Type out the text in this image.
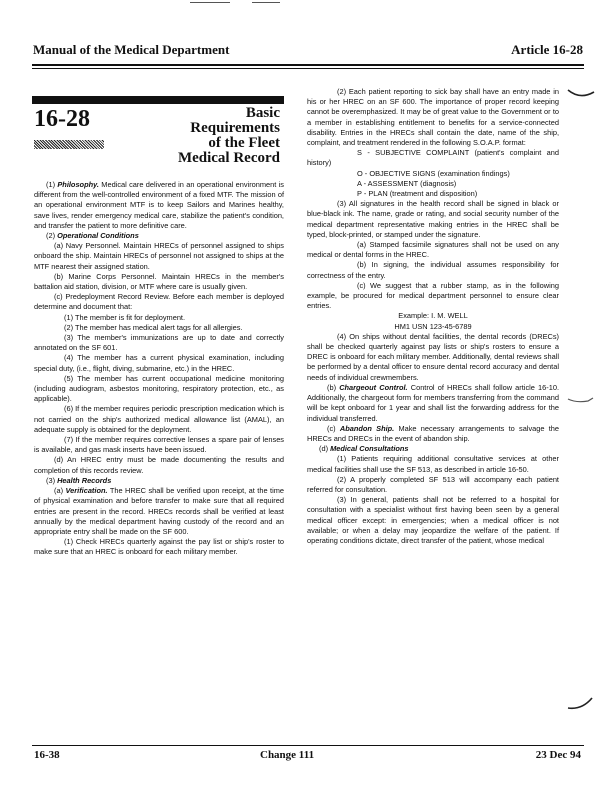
Manual of the Medical Department	Article 16-28
16-28	Basic
Requirements
of the Fleet
Medical Record

(1) Philosophy. Medical care delivered in an operational environment is different from the well-controlled environment of a fixed MTF. The mission of an operational environment MTF is to keep Sailors and Marines healthy, save lives, render emergency medical care, stabilize the patient's condition, and transfer the patient to more definitive care.

(2) Operational Conditions

(a) Navy Personnel. Maintain HRECs of personnel assigned to ships onboard the ship. Maintain HRECs of personnel not assigned to ships at the MTF nearest their assigned station.

(b) Marine Corps Personnel. Maintain HRECs in the member's battalion aid station, division, or MTF where care is usually given.

(c) Predeployment Record Review. Before each member is deployed determine and document that:

(1) The member is fit for deployment.

(2) The member has medical alert tags for all allergies.

(3) The member's immunizations are up to date and correctly annotated on the SF 601.

(4) The member has a current physical examination, including special duty, (i.e., flight, diving, submarine, etc.) in the HREC.

(5) The member has current occupational medicine monitoring (including audiogram, asbestos monitoring, respiratory protection, etc., as applicable).

(6) If the member requires periodic prescription medication which is not carried on the ship's authorized medical allowance list (AMAL), an adequate supply is obtained for the deployment.

(7) If the member requires corrective lenses a spare pair of lenses is available, and gas mask inserts have been issued.

(d) An HREC entry must be made documenting the results and completion of this records review.

(3) Health Records

(a) Verification. The HREC shall be verified upon receipt, at the time of physical examination and before transfer to make sure that all required entries are present in the record. HRECs records shall be verified at least annually by the medical department having custody of the record and an appropriate entry shall be made on the SF 600.

(1) Check HRECs quarterly against the pay list or ship's roster to make sure that an HREC is onboard for each military member.

(2) Each patient reporting to sick bay shall have an entry made in his or her HREC on an SF 600. The importance of proper record keeping cannot be overemphasized. It may be of great value to the Government or to a member in establishing entitlement to benefits for a service-connected disability. Entries in the HRECs shall contain the date, name of the ship, complaint, and treatment rendered in the following S.O.A.P. format:

S - SUBJECTIVE COMPLAINT (patient's complaint and history)

O - OBJECTIVE SIGNS (examination findings)

A - ASSESSMENT (diagnosis)

P - PLAN (treatment and disposition)

(3) All signatures in the health record shall be signed in black or blue-black ink. The name, grade or rating, and social security number of the medical department representative making entries in the HREC shall be typed, block-printed, or stamped under the signature.

(a) Stamped facsimile signatures shall not be used on any medical or dental forms in the HREC.

(b) In signing, the individual assumes responsibility for correctness of the entry.

(c) We suggest that a rubber stamp, as in the following example, be procured for medical department personnel to ensure clear entries.

Example: I. M. WELL

HM1 USN 123-45-6789

(4) On ships without dental facilities, the dental records (DRECs) shall be checked quarterly against pay lists or ship's rosters to ensure a DREC is onboard for each military member. Additionally, dental reviews shall be performed by a dental officer to ensure dental record accuracy and dental needs of individual crewmembers.

(b) Chargeout Control. Control of HRECs shall follow article 16-10. Additionally, the chargeout form for members transferring from the command will be kept onboard for 1 year and shall list the forwarding address for the individual transferred.

(c) Abandon Ship. Make necessary arrangements to salvage the HRECs and DRECs in the event of abandon ship.

(d) Medical Consultations

(1) Patients requiring additional consultative services at other medical facilities shall use the SF 513, as described in article 16-50.

(2) A properly completed SF 513 will accompany each patient referred for consultation.

(3) In general, patients shall not be referred to a hospital for consultation with a specialist without first having been seen by a general medical officer except: in emergencies; when a medical officer is not available; or when a delay may jeopardize the welfare of the patient. If operating conditions dictate, direct transfer of the patient, whose medical

16-38	Change 111	23 Dec 94
